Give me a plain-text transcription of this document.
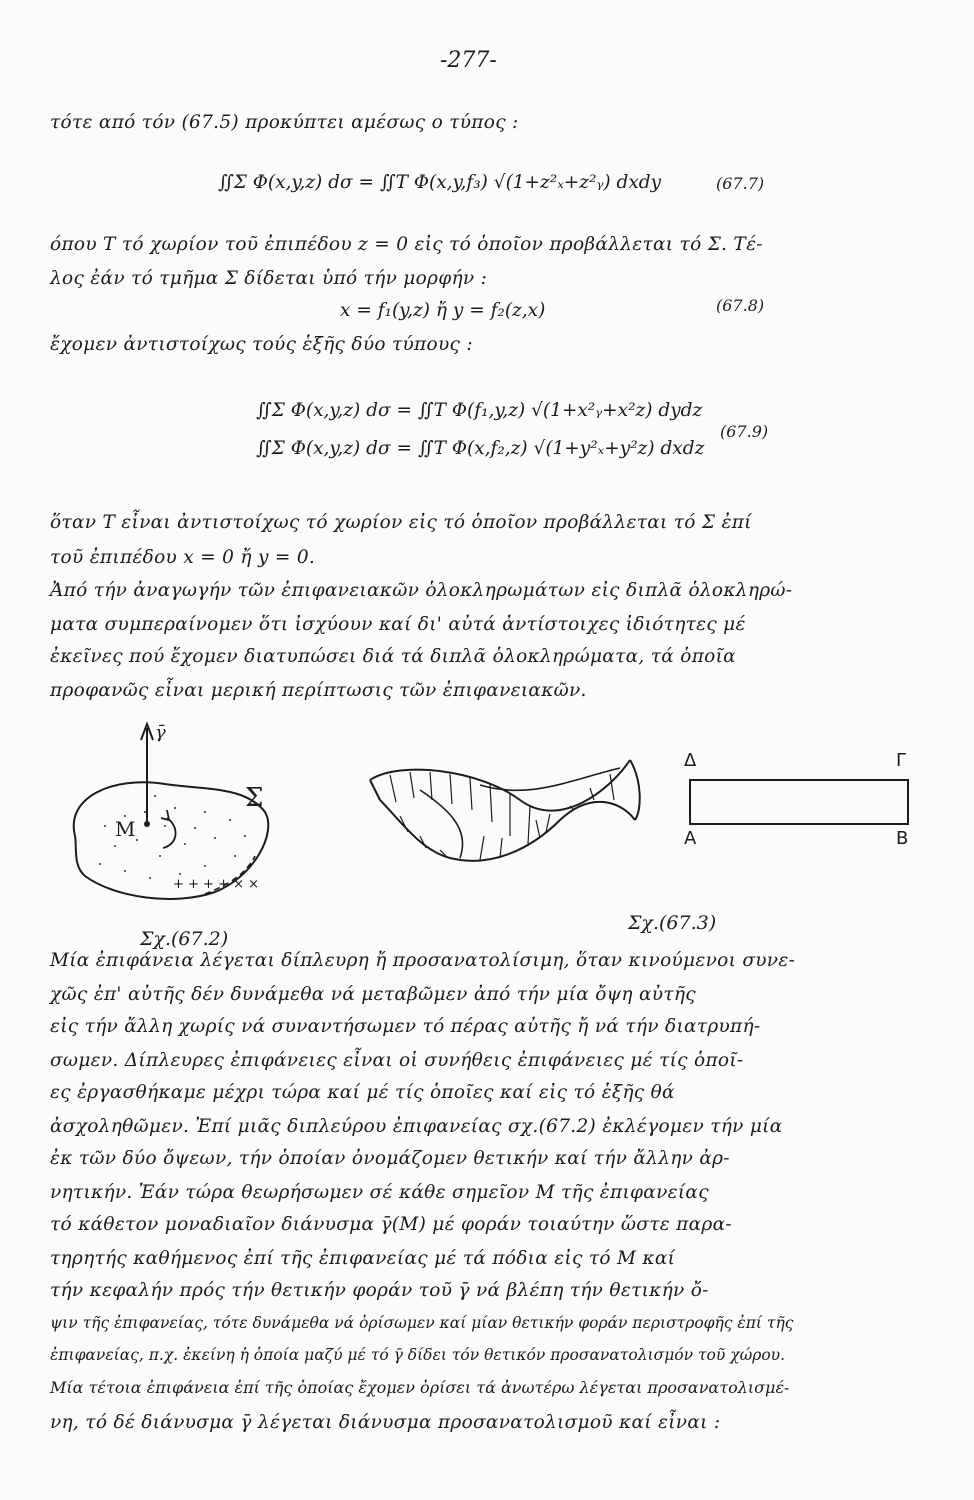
-277-
τότε από τόν (67.5) προκύπτει αμέσως ο τύπος :
∬Σ Φ(x,y,z) dσ = ∬T Φ(x,y,f₃) √(1+z²ₓ+z²ᵧ) dxdy	(67.7)
όπου Τ τό χωρίον τοῦ ἐπιπέδου z = 0 εἰς τό ὁποῖον προβάλλεται τό Σ. Τέ-
λος ἐάν τό τμῆμα Σ δίδεται ὑπό τήν μορφήν :
x = f₁(y,z) ἤ y = f₂(z,x)	(67.8)
ἔχομεν ἀντιστοίχως τούς ἑξῆς δύο τύπους :
∬Σ Φ(x,y,z) dσ = ∬T Φ(f₁,y,z) √(1+x²ᵧ+x²z) dydz
∬Σ Φ(x,y,z) dσ = ∬T Φ(x,f₂,z) √(1+y²ₓ+y²z) dxdz
(67.9)
ὅταν Τ εἶναι ἀντιστοίχως τό χωρίον εἰς τό ὁποῖον προβάλλεται τό Σ ἐπί
τοῦ ἐπιπέδου x = 0 ἤ y = 0.
Ἀπό τήν ἀναγωγήν τῶν ἐπιφανειακῶν ὁλοκληρωμάτων εἰς διπλᾶ ὁλοκληρώ-
ματα συμπεραίνομεν ὅτι ἰσχύουν καί δι' αὐτά ἀντίστοιχες ἰδιότητες μέ
ἐκεῖνες πού ἔχομεν διατυπώσει διά τά διπλᾶ ὁλοκληρώματα, τά ὁποῖα
προφανῶς εἶναι μερική περίπτωσις τῶν ἐπιφανειακῶν.
+ + + + × ×
γ̄
M
Σ
Σχ.(67.2)
Σχ.(67.3)
Δ	Γ
A	B
Μία ἐπιφάνεια λέγεται δίπλευρη ἤ προσανατολίσιμη, ὅταν κινούμενοι συνε-
χῶς ἐπ' αὐτῆς δέν δυνάμεθα νά μεταβῶμεν ἀπό τήν μία ὄψη αὐτῆς
εἰς τήν ἄλλη χωρίς νά συναντήσωμεν τό πέρας αὐτῆς ἤ νά τήν διατρυπή-
σωμεν. Δίπλευρες ἐπιφάνειες εἶναι οἱ συνήθεις ἐπιφάνειες μέ τίς ὁποῖ-
ες ἐργασθήκαμε μέχρι τώρα καί μέ τίς ὁποῖες καί εἰς τό ἑξῆς θά
ἀσχοληθῶμεν. Ἐπί μιᾶς διπλεύρου ἐπιφανείας σχ.(67.2) ἐκλέγομεν τήν μία
ἐκ τῶν δύο ὄψεων, τήν ὁποίαν ὀνομάζομεν θετικήν καί τήν ἄλλην ἀρ-
νητικήν. Ἐάν τώρα θεωρήσωμεν σέ κάθε σημεῖον Μ τῆς ἐπιφανείας
τό κάθετον μοναδιαῖον διάνυσμα γ̄(Μ) μέ φοράν τοιαύτην ὥστε παρα-
τηρητής καθήμενος ἐπί τῆς ἐπιφανείας μέ τά πόδια εἰς τό Μ καί
τήν κεφαλήν πρός τήν θετικήν φοράν τοῦ γ̄ νά βλέπη τήν θετικήν ὄ-
ψιν τῆς ἐπιφανείας, τότε δυνάμεθα νά ὁρίσωμεν καί μίαν θετικήν φοράν περιστροφῆς ἐπί τῆς
ἐπιφανείας, π.χ. ἐκείνη ἡ ὁποία μαζύ μέ τό γ̄ δίδει τόν θετικόν προσανατολισμόν τοῦ χώρου.
Μία τέτοια ἐπιφάνεια ἐπί τῆς ὁποίας ἔχομεν ὁρίσει τά ἀνωτέρω λέγεται προσανατολισμέ-
νη, τό δέ διάνυσμα γ̄ λέγεται διάνυσμα προσανατολισμοῦ καί εἶναι :
